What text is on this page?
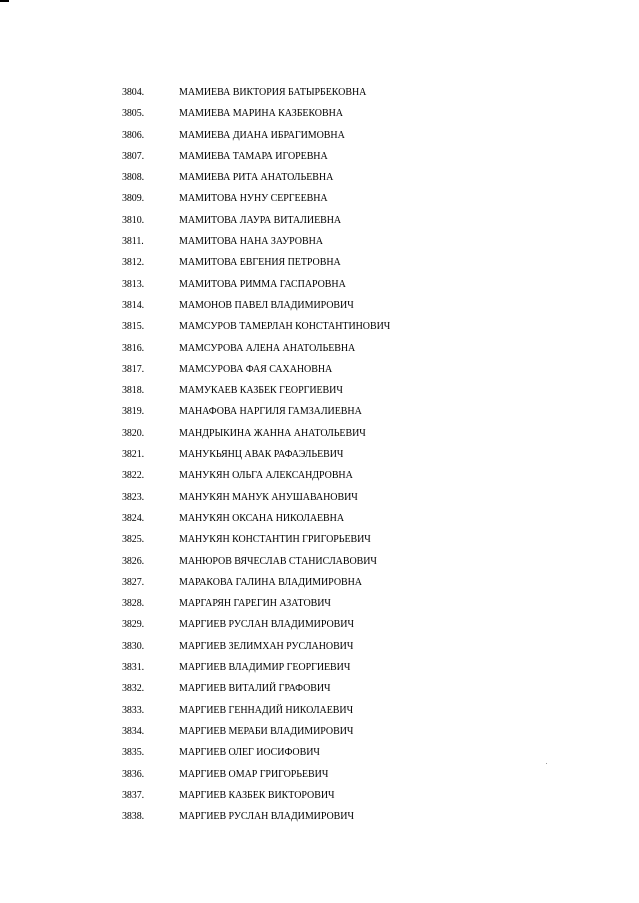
3804.	МАМИЕВА ВИКТОРИЯ БАТЫРБЕКОВНА
3805.	МАМИЕВА МАРИНА КАЗБЕКОВНА
3806.	МАМИЕВА ДИАНА ИБРАГИМОВНА
3807.	МАМИЕВА ТАМАРА ИГОРЕВНА
3808.	МАМИЕВА РИТА АНАТОЛЬЕВНА
3809.	МАМИТОВА НУНУ СЕРГЕЕВНА
3810.	МАМИТОВА ЛАУРА ВИТАЛИЕВНА
3811.	МАМИТОВА НАНА ЗАУРОВНА
3812.	МАМИТОВА ЕВГЕНИЯ ПЕТРОВНА
3813.	МАМИТОВА РИММА ГАСПАРОВНА
3814.	МАМОНОВ ПАВЕЛ ВЛАДИМИРОВИЧ
3815.	МАМСУРОВ ТАМЕРЛАН КОНСТАНТИНОВИЧ
3816.	МАМСУРОВА АЛЕНА АНАТОЛЬЕВНА
3817.	МАМСУРОВА ФАЯ САХАНОВНА
3818.	МАМУКАЕВ КАЗБЕК ГЕОРГИЕВИЧ
3819.	МАНАФОВА НАРГИЛЯ ГАМЗАЛИЕВНА
3820.	МАНДРЫКИНА ЖАННА АНАТОЛЬЕВИЧ
3821.	МАНУКЬЯНЦ АВАК РАФАЭЛЬЕВИЧ
3822.	МАНУКЯН ОЛЬГА АЛЕКСАНДРОВНА
3823.	МАНУКЯН МАНУК АНУШАВАНОВИЧ
3824.	МАНУКЯН ОКСАНА НИКОЛАЕВНА
3825.	МАНУКЯН КОНСТАНТИН ГРИГОРЬЕВИЧ
3826.	МАНЮРОВ ВЯЧЕСЛАВ СТАНИСЛАВОВИЧ
3827.	МАРАКОВА ГАЛИНА ВЛАДИМИРОВНА
3828.	МАРГАРЯН ГАРЕГИН АЗАТОВИЧ
3829.	МАРГИЕВ РУСЛАН ВЛАДИМИРОВИЧ
3830.	МАРГИЕВ ЗЕЛИМХАН РУСЛАНОВИЧ
3831.	МАРГИЕВ ВЛАДИМИР ГЕОРГИЕВИЧ
3832.	МАРГИЕВ ВИТАЛИЙ ГРАФОВИЧ
3833.	МАРГИЕВ ГЕННАДИЙ НИКОЛАЕВИЧ
3834.	МАРГИЕВ МЕРАБИ ВЛАДИМИРОВИЧ
3835.	МАРГИЕВ ОЛЕГ ИОСИФОВИЧ
3836.	МАРГИЕВ ОМАР ГРИГОРЬЕВИЧ
3837.	МАРГИЕВ КАЗБЕК ВИКТОРОВИЧ
3838.	МАРГИЕВ РУСЛАН ВЛАДИМИРОВИЧ
